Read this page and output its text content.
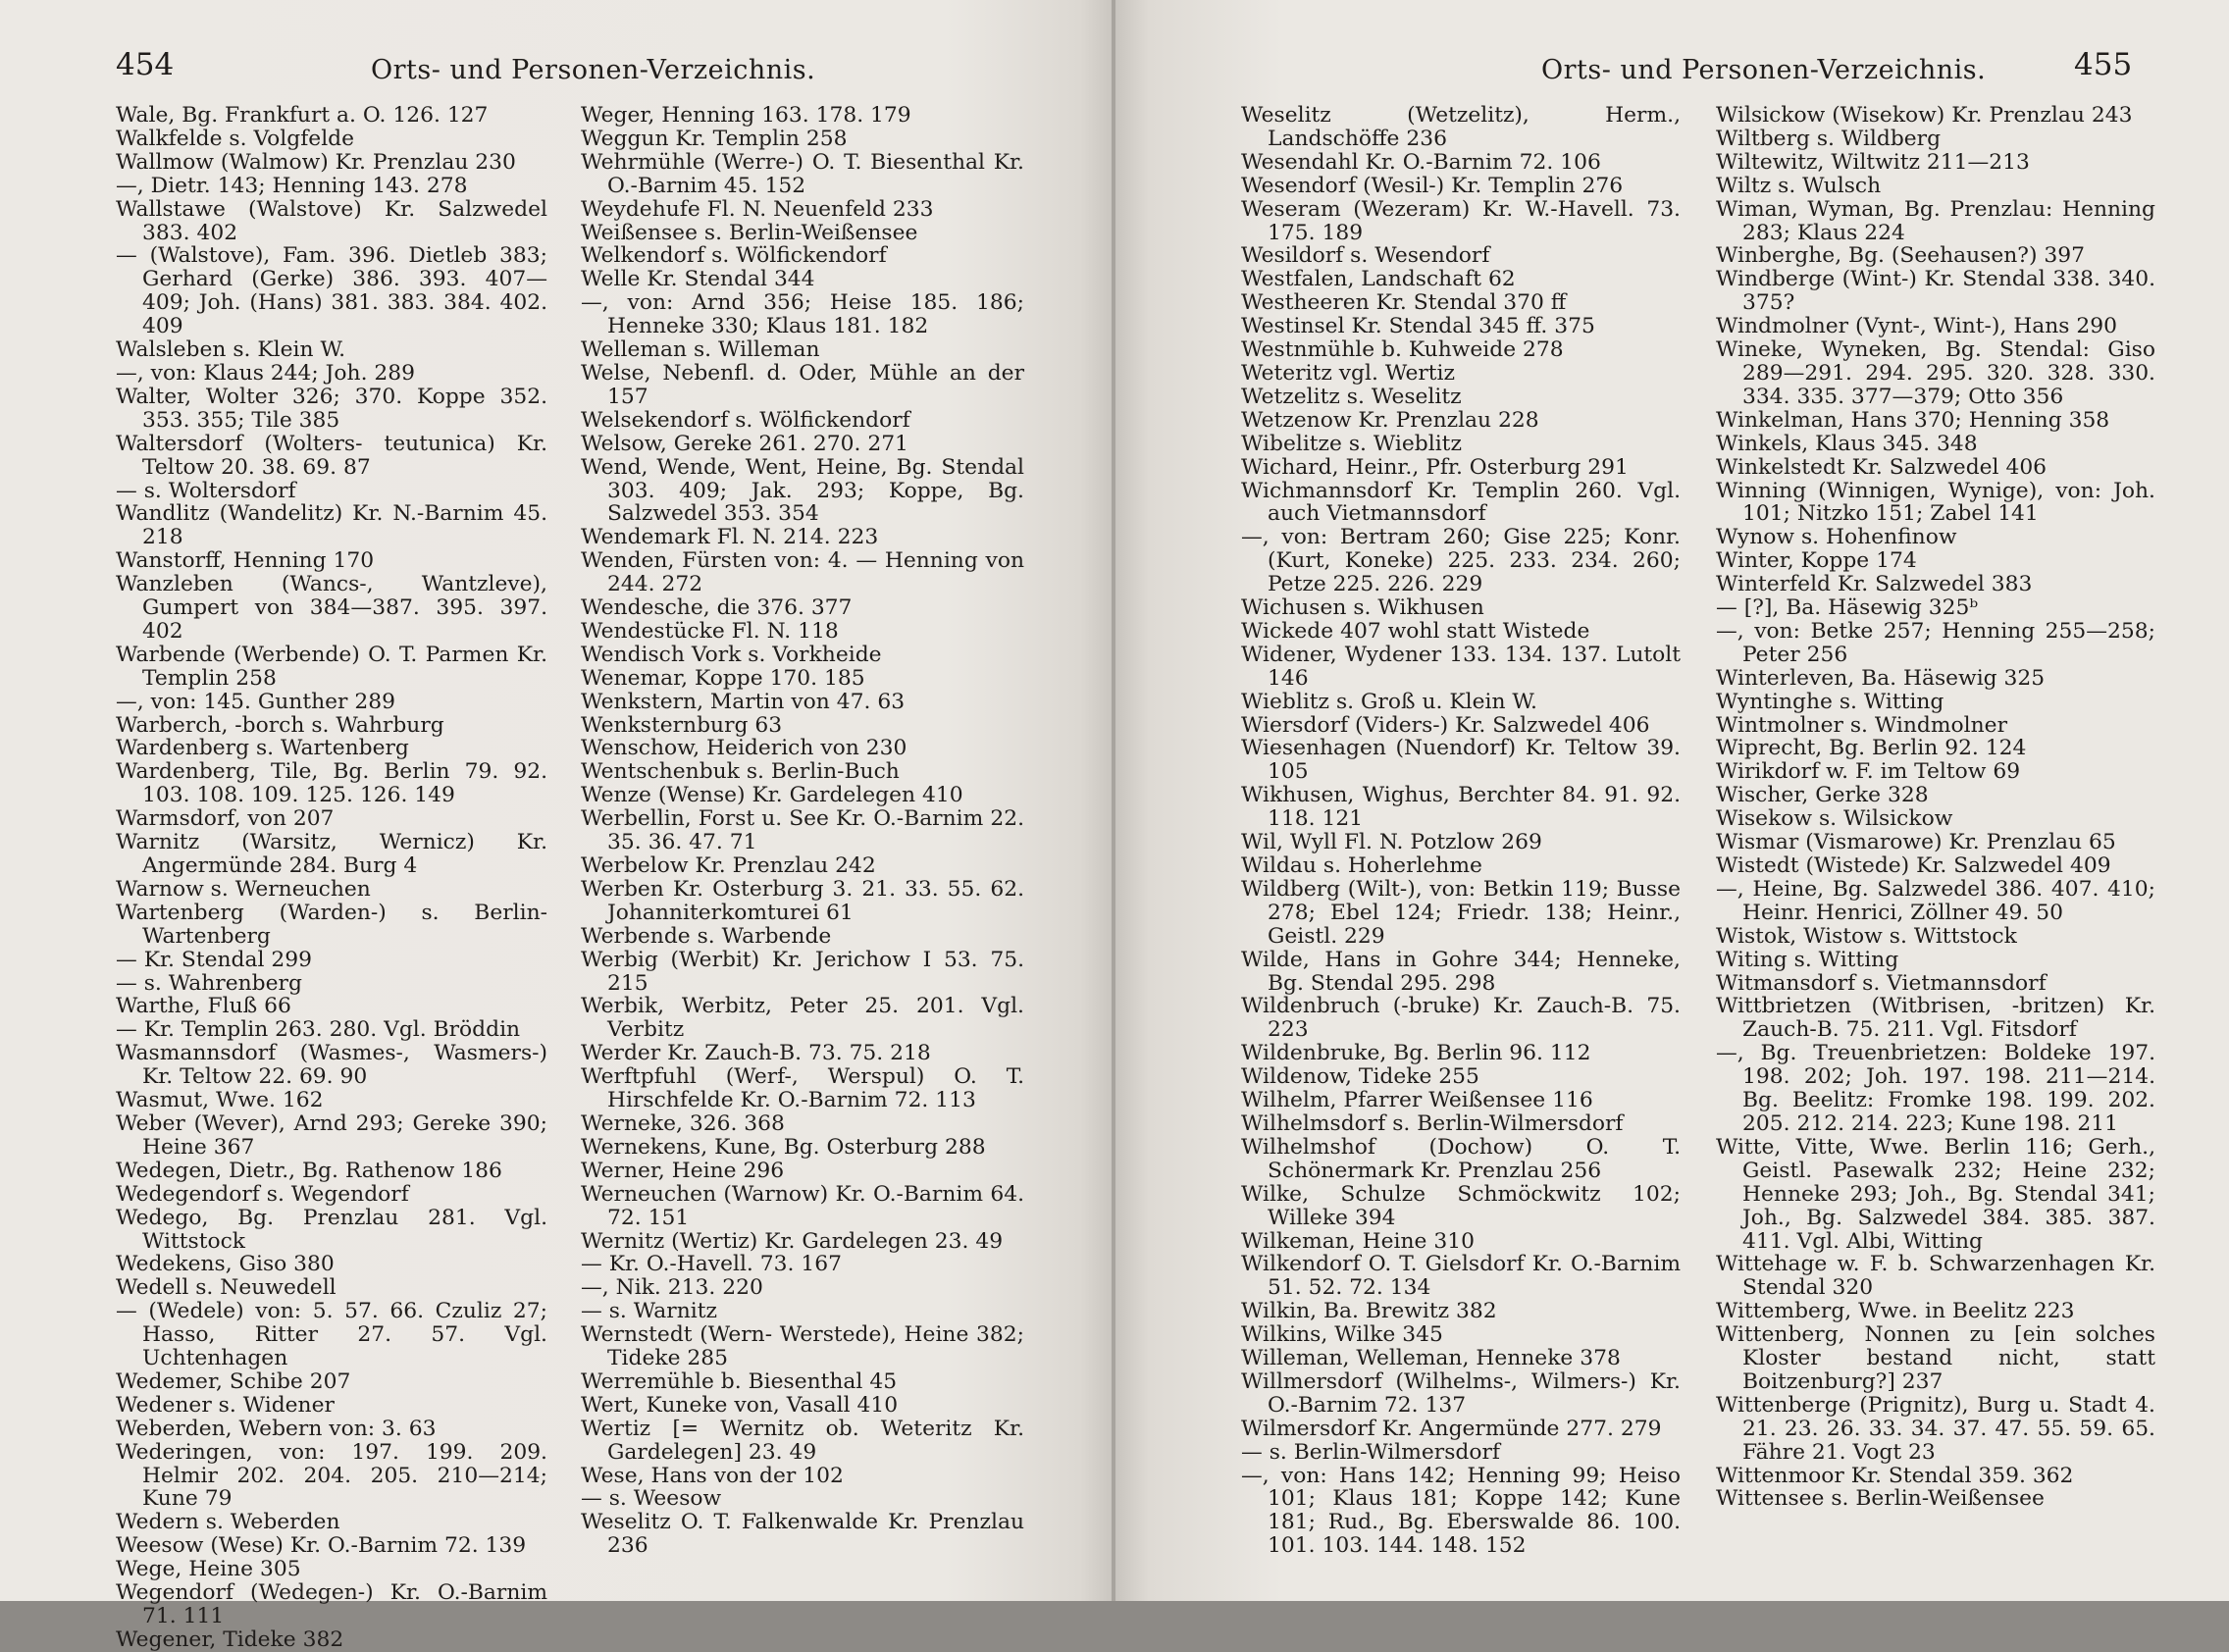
454	Orts- und Personen-Verzeichnis.
Wale, Bg. Frankfurt a. O. 126. 127
Walkfelde s. Volgfelde
Wallmow (Walmow) Kr. Prenzlau 230
—, Dietr. 143; Henning 143. 278
Wallstawe (Walstove) Kr. Salzwedel 383. 402
— (Walstove), Fam. 396. Dietleb 383; Gerhard (Gerke) 386. 393. 407—409; Joh. (Hans) 381. 383. 384. 402. 409
Walsleben s. Klein W.
—, von: Klaus 244; Joh. 289
Walter, Wolter 326; 370. Koppe 352. 353. 355; Tile 385
Waltersdorf (Wolters- teutunica) Kr. Teltow 20. 38. 69. 87
— s. Woltersdorf
Wandlitz (Wandelitz) Kr. N.-Barnim 45. 218
Wanstorff, Henning 170
Wanzleben (Wancs-, Wantzleve), Gumpert von 384—387. 395. 397. 402
Warbende (Werbende) O. T. Parmen Kr. Templin 258
—, von: 145. Gunther 289
Warberch, -borch s. Wahrburg
Wardenberg s. Wartenberg
Wardenberg, Tile, Bg. Berlin 79. 92. 103. 108. 109. 125. 126. 149
Warmsdorf, von 207
Warnitz (Warsitz, Wernicz) Kr. Angermünde 284. Burg 4
Warnow s. Werneuchen
Wartenberg (Warden-) s. Berlin-Wartenberg
— Kr. Stendal 299
— s. Wahrenberg
Warthe, Fluß 66
— Kr. Templin 263. 280. Vgl. Bröddin
Wasmannsdorf (Wasmes-, Wasmers-) Kr. Teltow 22. 69. 90
Wasmut, Wwe. 162
Weber (Wever), Arnd 293; Gereke 390; Heine 367
Wedegen, Dietr., Bg. Rathenow 186
Wedegendorf s. Wegendorf
Wedego, Bg. Prenzlau 281. Vgl. Wittstock
Wedekens, Giso 380
Wedell s. Neuwedell
— (Wedele) von: 5. 57. 66. Czuliz 27; Hasso, Ritter 27. 57. Vgl. Uchtenhagen
Wedemer, Schibe 207
Wedener s. Widener
Weberden, Webern von: 3. 63
Wederingen, von: 197. 199. 209. Helmir 202. 204. 205. 210—214; Kune 79
Wedern s. Weberden
Weesow (Wese) Kr. O.-Barnim 72. 139
Wege, Heine 305
Wegendorf (Wedegen-) Kr. O.-Barnim 71. 111
Wegener, Tideke 382
Weger, Henning 163. 178. 179
Weggun Kr. Templin 258
Wehrmühle (Werre-) O. T. Biesenthal Kr. O.-Barnim 45. 152
Weydehufe Fl. N. Neuenfeld 233
Weißensee s. Berlin-Weißensee
Welkendorf s. Wölfickendorf
Welle Kr. Stendal 344
—, von: Arnd 356; Heise 185. 186; Henneke 330; Klaus 181. 182
Welleman s. Willeman
Welse, Nebenfl. d. Oder, Mühle an der 157
Welsekendorf s. Wölfickendorf
Welsow, Gereke 261. 270. 271
Wend, Wende, Went, Heine, Bg. Stendal 303. 409; Jak. 293; Koppe, Bg. Salzwedel 353. 354
Wendemark Fl. N. 214. 223
Wenden, Fürsten von: 4. — Henning von 244. 272
Wendesche, die 376. 377
Wendestücke Fl. N. 118
Wendisch Vork s. Vorkheide
Wenemar, Koppe 170. 185
Wenkstern, Martin von 47. 63
Wenksternburg 63
Wenschow, Heiderich von 230
Wentschenbuk s. Berlin-Buch
Wenze (Wense) Kr. Gardelegen 410
Werbellin, Forst u. See Kr. O.-Barnim 22. 35. 36. 47. 71
Werbelow Kr. Prenzlau 242
Werben Kr. Osterburg 3. 21. 33. 55. 62. Johanniterkomturei 61
Werbende s. Warbende
Werbig (Werbit) Kr. Jerichow I 53. 75. 215
Werbik, Werbitz, Peter 25. 201. Vgl. Verbitz
Werder Kr. Zauch-B. 73. 75. 218
Werftpfuhl (Werf-, Werspul) O. T. Hirschfelde Kr. O.-Barnim 72. 113
Werneke, 326. 368
Wernekens, Kune, Bg. Osterburg 288
Werner, Heine 296
Werneuchen (Warnow) Kr. O.-Barnim 64. 72. 151
Wernitz (Wertiz) Kr. Gardelegen 23. 49
— Kr. O.-Havell. 73. 167
—, Nik. 213. 220
— s. Warnitz
Wernstedt (Wern- Werstede), Heine 382; Tideke 285
Werremühle b. Biesenthal 45
Wert, Kuneke von, Vasall 410
Wertiz [= Wernitz ob. Weteritz Kr. Gardelegen] 23. 49
Wese, Hans von der 102
— s. Weesow
Weselitz O. T. Falkenwalde Kr. Prenzlau 236
Orts- und Personen-Verzeichnis.	455
Weselitz (Wetzelitz), Herm., Landschöffe 236
Wesendahl Kr. O.-Barnim 72. 106
Wesendorf (Wesil-) Kr. Templin 276
Weseram (Wezeram) Kr. W.-Havell. 73. 175. 189
Wesildorf s. Wesendorf
Westfalen, Landschaft 62
Westheeren Kr. Stendal 370 ff
Westinsel Kr. Stendal 345 ff. 375
Westnmühle b. Kuhweide 278
Weteritz vgl. Wertiz
Wetzelitz s. Weselitz
Wetzenow Kr. Prenzlau 228
Wibelitze s. Wieblitz
Wichard, Heinr., Pfr. Osterburg 291
Wichmannsdorf Kr. Templin 260. Vgl. auch Vietmannsdorf
—, von: Bertram 260; Gise 225; Konr. (Kurt, Koneke) 225. 233. 234. 260; Petze 225. 226. 229
Wichusen s. Wikhusen
Wickede 407 wohl statt Wistede
Widener, Wydener 133. 134. 137. Lutolt 146
Wieblitz s. Groß u. Klein W.
Wiersdorf (Viders-) Kr. Salzwedel 406
Wiesenhagen (Nuendorf) Kr. Teltow 39. 105
Wikhusen, Wighus, Berchter 84. 91. 92. 118. 121
Wil, Wyll Fl. N. Potzlow 269
Wildau s. Hoherlehme
Wildberg (Wilt-), von: Betkin 119; Busse 278; Ebel 124; Friedr. 138; Heinr., Geistl. 229
Wilde, Hans in Gohre 344; Henneke, Bg. Stendal 295. 298
Wildenbruch (-bruke) Kr. Zauch-B. 75. 223
Wildenbruke, Bg. Berlin 96. 112
Wildenow, Tideke 255
Wilhelm, Pfarrer Weißensee 116
Wilhelmsdorf s. Berlin-Wilmersdorf
Wilhelmshof (Dochow) O. T. Schönermark Kr. Prenzlau 256
Wilke, Schulze Schmöckwitz 102; Willeke 394
Wilkeman, Heine 310
Wilkendorf O. T. Gielsdorf Kr. O.-Barnim 51. 52. 72. 134
Wilkin, Ba. Brewitz 382
Wilkins, Wilke 345
Willeman, Welleman, Henneke 378
Willmersdorf (Wilhelms-, Wilmers-) Kr. O.-Barnim 72. 137
Wilmersdorf Kr. Angermünde 277. 279
— s. Berlin-Wilmersdorf
—, von: Hans 142; Henning 99; Heiso 101; Klaus 181; Koppe 142; Kune 181; Rud., Bg. Eberswalde 86. 100. 101. 103. 144. 148. 152
Wilsickow (Wisekow) Kr. Prenzlau 243
Wiltberg s. Wildberg
Wiltewitz, Wiltwitz 211—213
Wiltz s. Wulsch
Wiman, Wyman, Bg. Prenzlau: Henning 283; Klaus 224
Winberghe, Bg. (Seehausen?) 397
Windberge (Wint-) Kr. Stendal 338. 340. 375?
Windmolner (Vynt-, Wint-), Hans 290
Wineke, Wyneken, Bg. Stendal: Giso 289—291. 294. 295. 320. 328. 330. 334. 335. 377—379; Otto 356
Winkelman, Hans 370; Henning 358
Winkels, Klaus 345. 348
Winkelstedt Kr. Salzwedel 406
Winning (Winnigen, Wynige), von: Joh. 101; Nitzko 151; Zabel 141
Wynow s. Hohenfinow
Winter, Koppe 174
Winterfeld Kr. Salzwedel 383
— [?], Ba. Häsewig 325ᵇ
—, von: Betke 257; Henning 255—258; Peter 256
Winterleven, Ba. Häsewig 325
Wyntinghe s. Witting
Wintmolner s. Windmolner
Wiprecht, Bg. Berlin 92. 124
Wirikdorf w. F. im Teltow 69
Wischer, Gerke 328
Wisekow s. Wilsickow
Wismar (Vismarowe) Kr. Prenzlau 65
Wistedt (Wistede) Kr. Salzwedel 409
—, Heine, Bg. Salzwedel 386. 407. 410; Heinr. Henrici, Zöllner 49. 50
Wistok, Wistow s. Wittstock
Witing s. Witting
Witmansdorf s. Vietmannsdorf
Wittbrietzen (Witbrisen, -britzen) Kr. Zauch-B. 75. 211. Vgl. Fitsdorf
—, Bg. Treuenbrietzen: Boldeke 197. 198. 202; Joh. 197. 198. 211—214. Bg. Beelitz: Fromke 198. 199. 202. 205. 212. 214. 223; Kune 198. 211
Witte, Vitte, Wwe. Berlin 116; Gerh., Geistl. Pasewalk 232; Heine 232; Henneke 293; Joh., Bg. Stendal 341; Joh., Bg. Salzwedel 384. 385. 387. 411. Vgl. Albi, Witting
Wittehage w. F. b. Schwarzenhagen Kr. Stendal 320
Wittemberg, Wwe. in Beelitz 223
Wittenberg, Nonnen zu [ein solches Kloster bestand nicht, statt Boitzenburg?] 237
Wittenberge (Prignitz), Burg u. Stadt 4. 21. 23. 26. 33. 34. 37. 47. 55. 59. 65. Fähre 21. Vogt 23
Wittenmoor Kr. Stendal 359. 362
Wittensee s. Berlin-Weißensee
